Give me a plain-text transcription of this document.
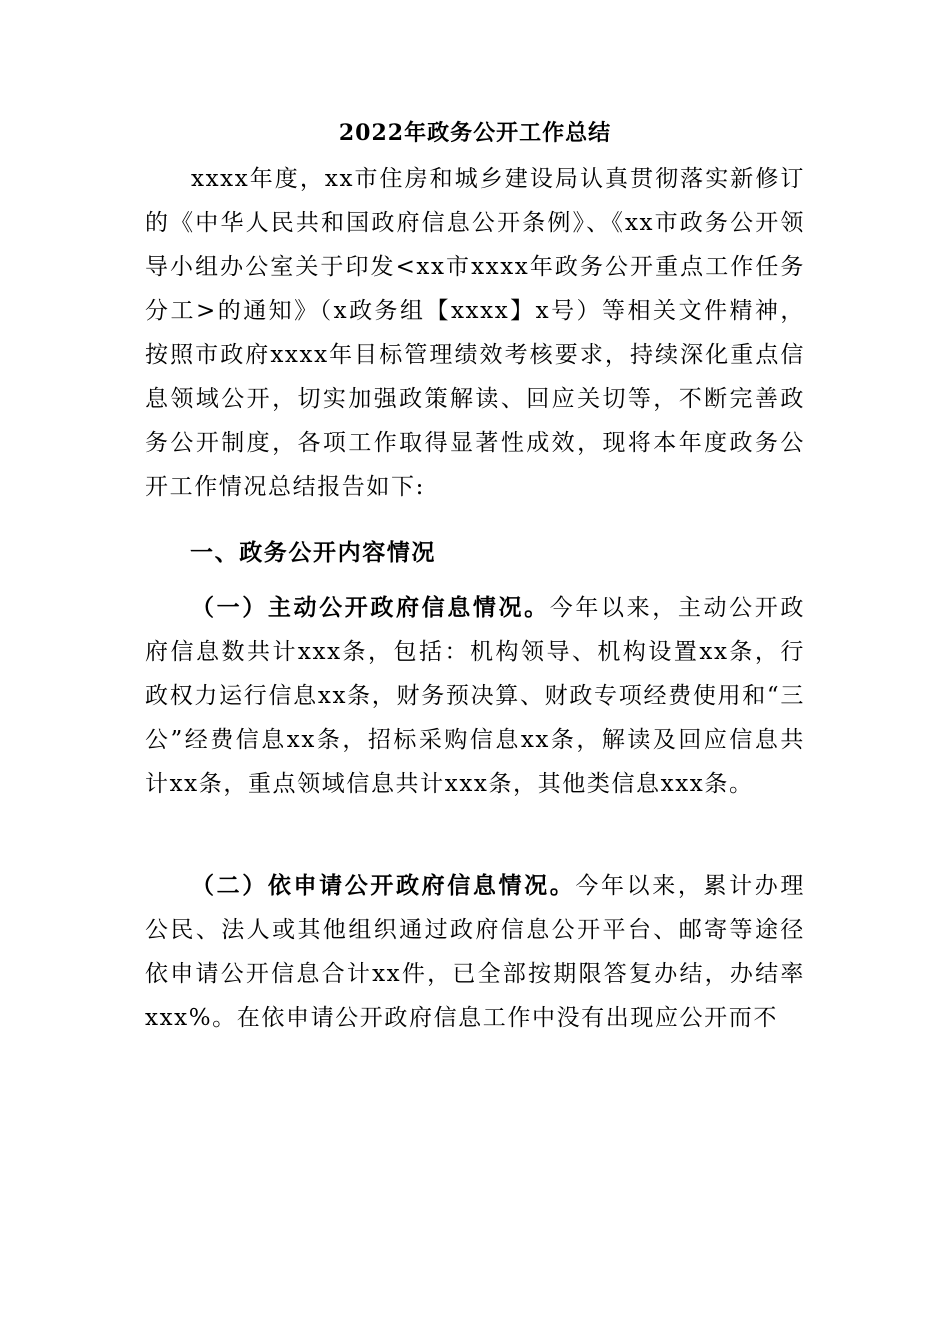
2022年政务公开工作总结

xxxx年度，xx市住房和城乡建设局认真贯彻落实新修订的《中华人民共和国政府信息公开条例》、《xx市政务公开领导小组办公室关于印发<xx市xxxx年政务公开重点工作任务分工>的通知》（x政务组【xxxx】x号）等相关文件精神，按照市政府xxxx年目标管理绩效考核要求，持续深化重点信息领域公开，切实加强政策解读、回应关切等，不断完善政务公开制度，各项工作取得显著性成效，现将本年度政务公开工作情况总结报告如下:

一、政务公开内容情况

（一）主动公开政府信息情况。今年以来，主动公开政府信息数共计xxx条，包括：机构领导、机构设置xx条，行政权力运行信息xx条，财务预决算、财政专项经费使用和“三公”经费信息xx条，招标采购信息xx条，解读及回应信息共计xx条，重点领域信息共计xxx条，其他类信息xxx条。

（二）依申请公开政府信息情况。今年以来，累计办理公民、法人或其他组织通过政府信息公开平台、邮寄等途径依申请公开信息合计xx件，已全部按期限答复办结，办结率xxx%。在依申请公开政府信息工作中没有出现应公开而不
